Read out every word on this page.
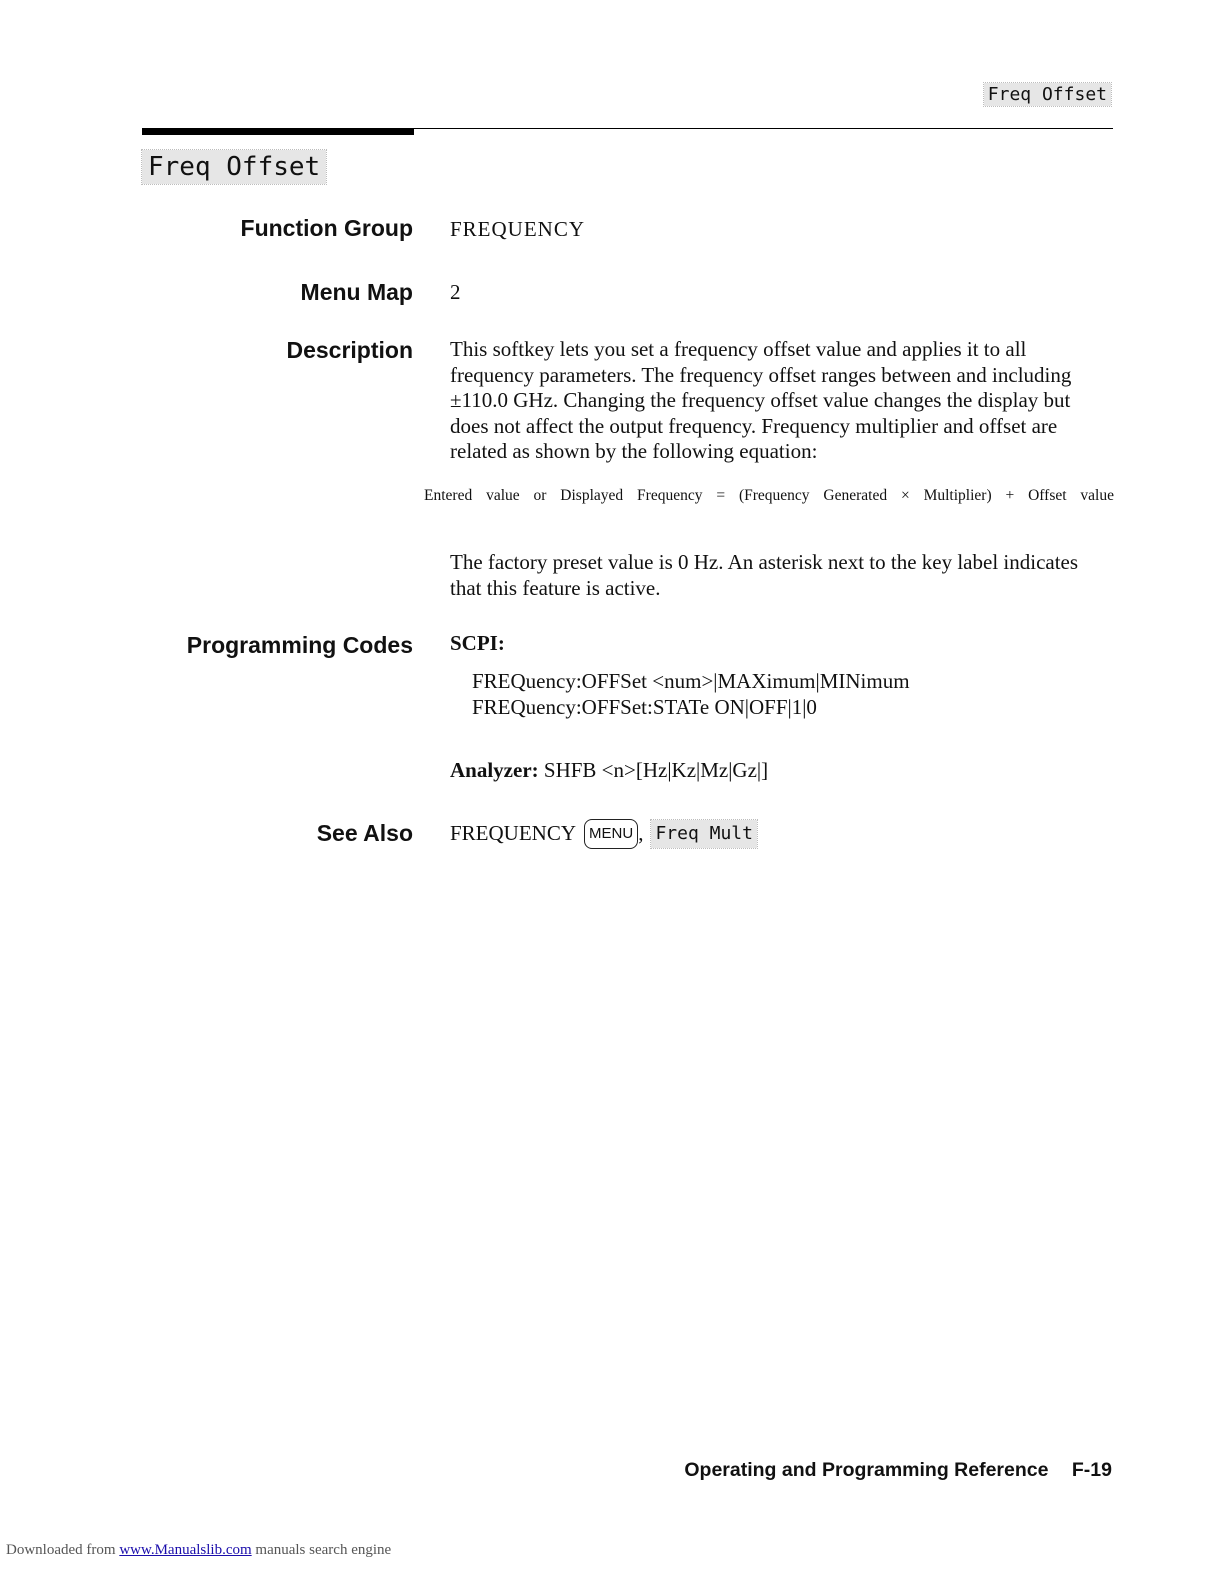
Freq Offset
Freq Offset
Function Group FREQUENCY
Menu Map 2
Description This softkey lets you set a frequency offset value and applies it to all frequency parameters. The frequency offset ranges between and including ±110.0 GHz. Changing the frequency offset value changes the display but does not affect the output frequency. Frequency multiplier and offset are related as shown by the following equation:
Entered value or Displayed Frequency = (Frequency Generated × Multiplier) + Offset value
The factory preset value is 0 Hz. An asterisk next to the key label indicates that this feature is active.
Programming Codes SCPI:
FREQuency:OFFSet <num>|MAXimum|MINimum
FREQuency:OFFSet:STATe ON|OFF|1|0
Analyzer: SHFB <n>[Hz|Kz|Mz|Gz|]
See Also FREQUENCY MENU , Freq Mult
Operating and Programming Reference F-19
Downloaded from www.Manualslib.com manuals search engine
